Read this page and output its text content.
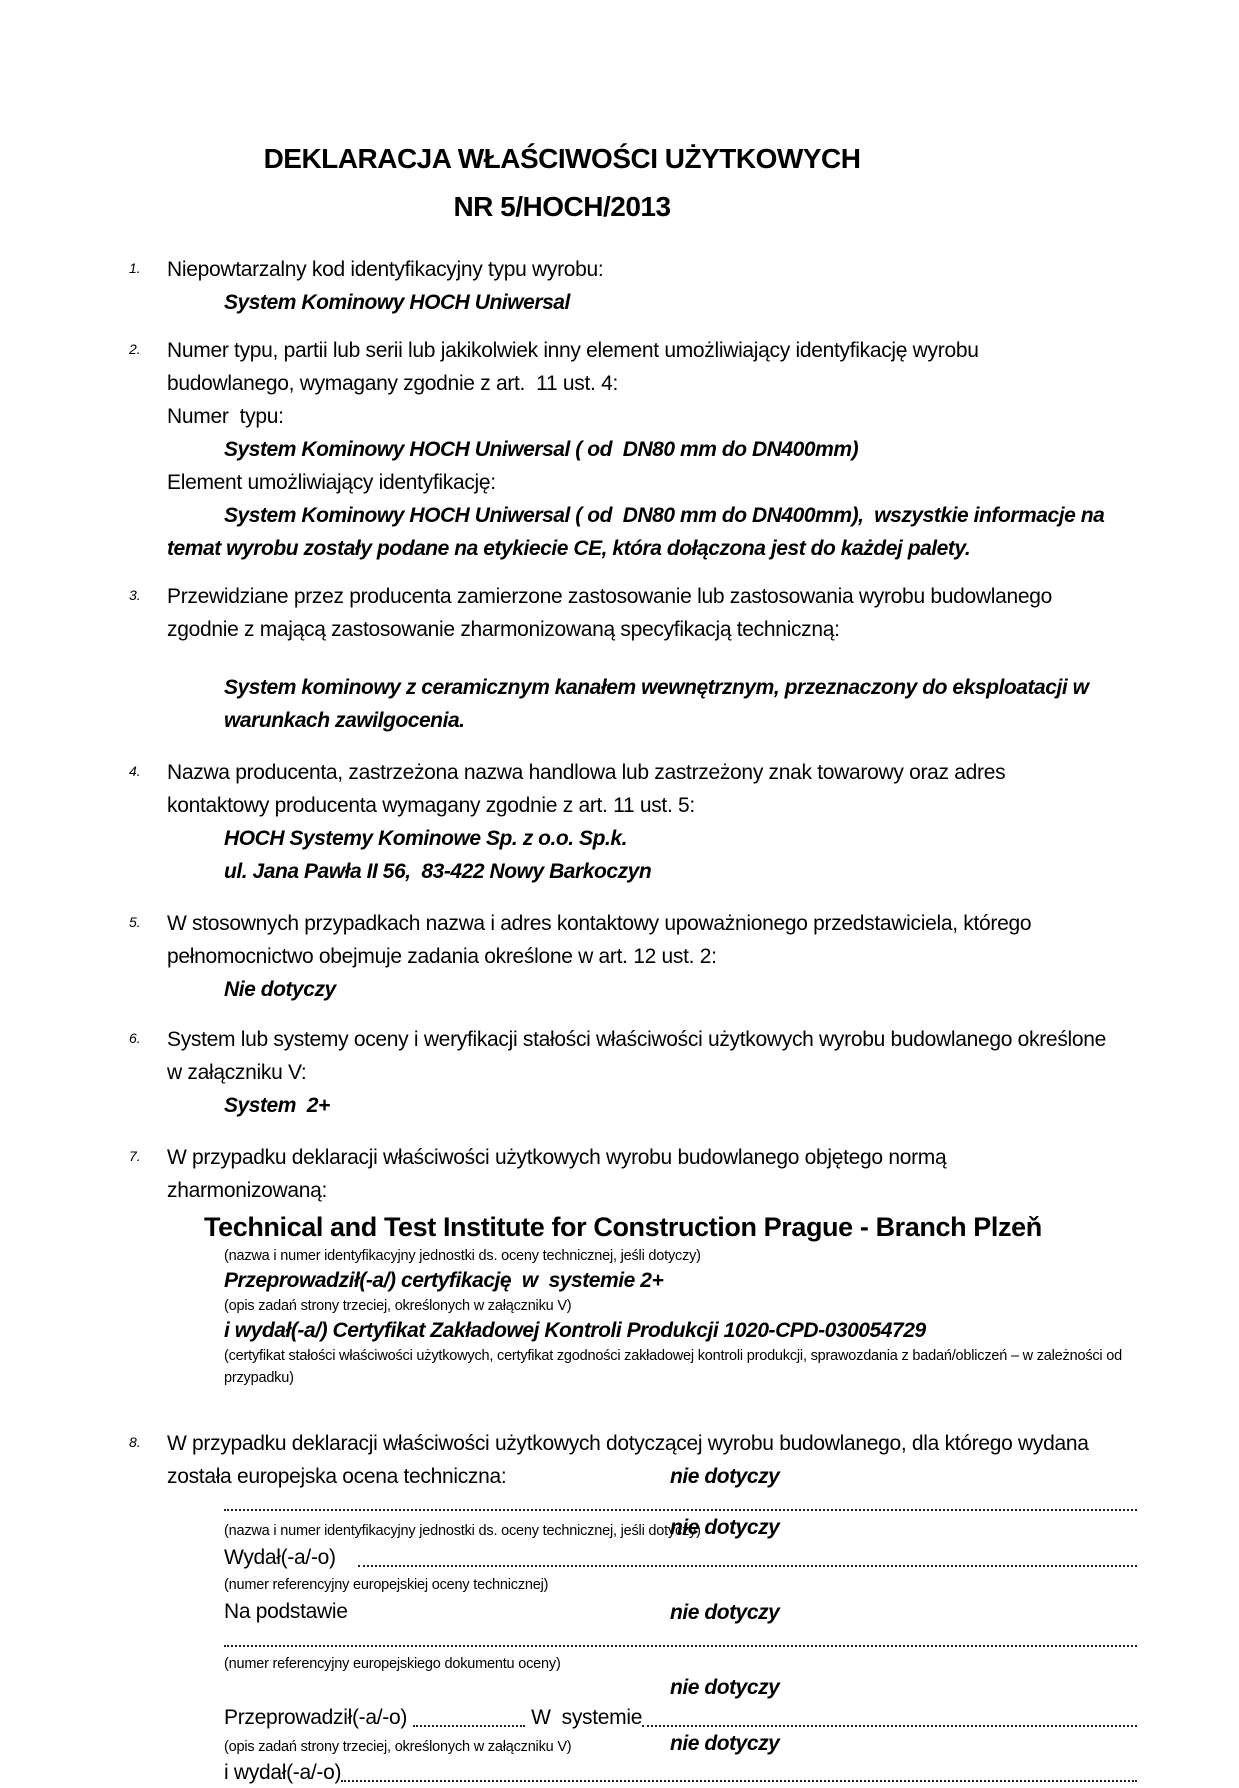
DEKLARACJA WŁAŚCIWOŚCI UŻYTKOWYCH
NR 5/HOCH/2013
1. Niepowtarzalny kod identyfikacyjny typu wyrobu:

System Kominowy HOCH Uniwersal

2. Numer typu, partii lub serii lub jakikolwiek inny element umożliwiający identyfikację wyrobu budowlanego, wymagany zgodnie z art.  11 ust. 4:

Numer  typu:

System Kominowy HOCH Uniwersal ( od  DN80 mm do DN400mm)

Element umożliwiający identyfikację:

System Kominowy HOCH Uniwersal ( od  DN80 mm do DN400mm),  wszystkie informacje na temat wyrobu zostały podane na etykiecie CE, która dołączona jest do każdej palety.

3. Przewidziane przez producenta zamierzone zastosowanie lub zastosowania wyrobu budowlanego zgodnie z mającą zastosowanie zharmonizowaną specyfikacją techniczną:

System kominowy z ceramicznym kanałem wewnętrznym, przeznaczony do eksploatacji w warunkach zawilgocenia.

4. Nazwa producenta, zastrzeżona nazwa handlowa lub zastrzeżony znak towarowy oraz adres kontaktowy producenta wymagany zgodnie z art. 11 ust. 5:

HOCH Systemy Kominowe Sp. z o.o. Sp.k.

ul. Jana Pawła II 56,  83-422 Nowy Barkoczyn

5. W stosownych przypadkach nazwa i adres kontaktowy upoważnionego przedstawiciela, którego pełnomocnictwo obejmuje zadania określone w art. 12 ust. 2:

Nie dotyczy

6. System lub systemy oceny i weryfikacji stałości właściwości użytkowych wyrobu budowlanego określone w załączniku V:

System  2+

7. W przypadku deklaracji właściwości użytkowych wyrobu budowlanego objętego normą zharmonizowaną:

Technical and Test Institute for Construction Prague - Branch Plzeň
(nazwa i numer identyfikacyjny jednostki ds. oceny technicznej, jeśli dotyczy)
Przeprowadził(-a/) certyfikację  w  systemie 2+
(opis zadań strony trzeciej, określonych w załączniku V)
i wydał(-a/) Certyfikat Zakładowej Kontroli Produkcji 1020-CPD-030054729
(certyfikat stałości właściwości użytkowych, certyfikat zgodności zakładowej kontroli produkcji, sprawozdania z badań/obliczeń – w zależności od przypadku)
8. W przypadku deklaracji właściwości użytkowych dotyczącej wyrobu budowlanego, dla którego wydana została europejska ocena techniczna:	nie dotyczy
(nazwa i numer identyfikacyjny jednostki ds. oceny technicznej, jeśli dotyczy)
nie dotyczy
Wydał(-a/-o)
(numer referencyjny europejskiej oceny technicznej)
Na podstawie	nie dotyczy
(numer referencyjny europejskiego dokumentu oceny)
nie dotyczy
Przeprowadził(-a/-o)	W  systemie
(opis zadań strony trzeciej, określonych w załączniku V)	nie dotyczy
i wydał(-a/-o)
